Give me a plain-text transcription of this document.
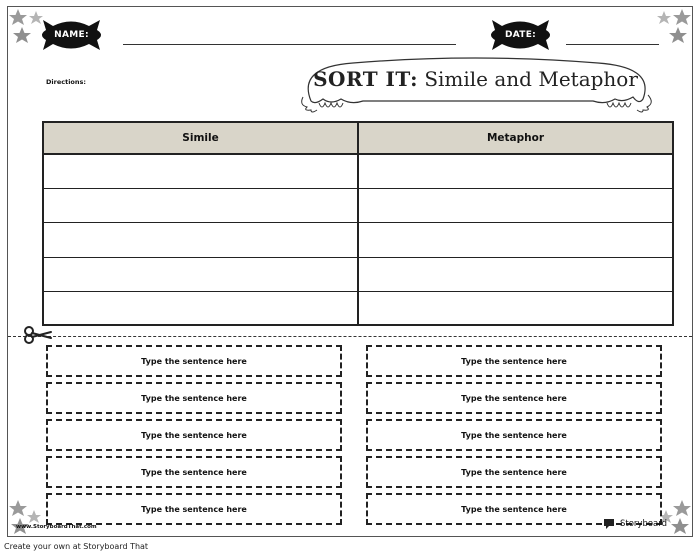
NAME:	DATE:
Directions:	SORT IT: Simile and Metaphor
Simile	Metaphor
Type the sentence here
Type the sentence here
Type the sentence here
Type the sentence here
Type the sentence here
Type the sentence here
Type the sentence here
Type the sentence here
Type the sentence here
Type the sentence here
www.StoryboardThat.com	Storyboard
Create your own at Storyboard That
